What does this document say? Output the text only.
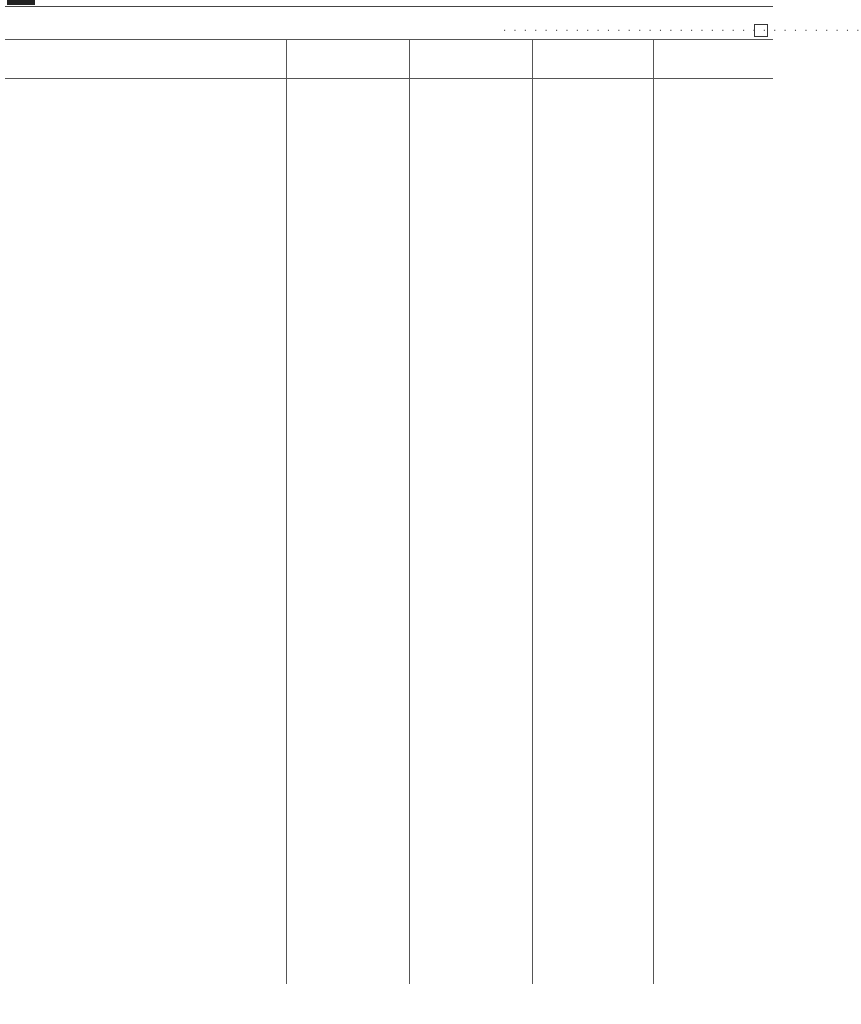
. . . . . . . . . . . . . . . . . . . . . . . . . . . . . . . . . . .
